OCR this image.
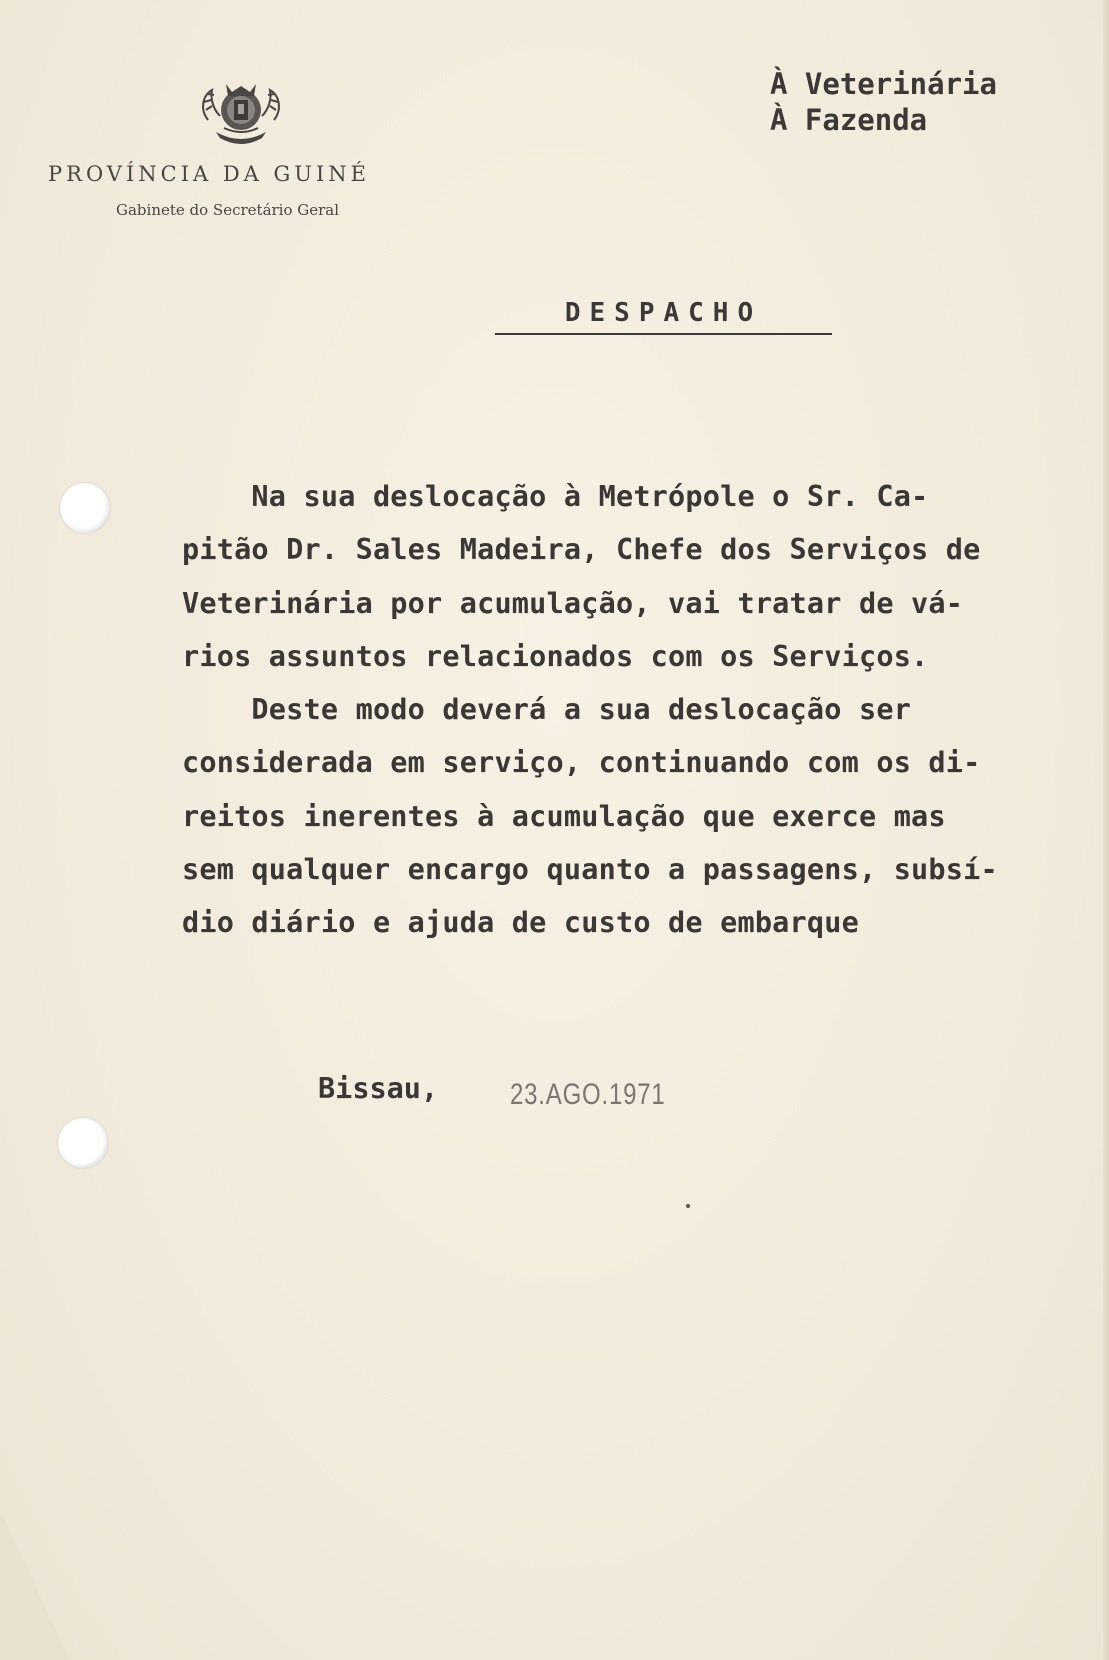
PROVÍNCIA DA GUINÉ
Gabinete do Secretário Geral
À Veterinária
À Fazenda
DESPACHO
Na sua deslocação à Metrópole o Sr. Ca-
pitão Dr. Sales Madeira, Chefe dos Serviços de
Veterinária por acumulação, vai tratar de vá-
rios assuntos relacionados com os Serviços.
Deste modo deverá a sua deslocação ser
considerada em serviço, continuando com os di-
reitos inerentes à acumulação que exerce mas
sem qualquer encargo quanto a passagens, subsí-
dio diário e ajuda de custo de embarque
Bissau, 23.AGO.1971
